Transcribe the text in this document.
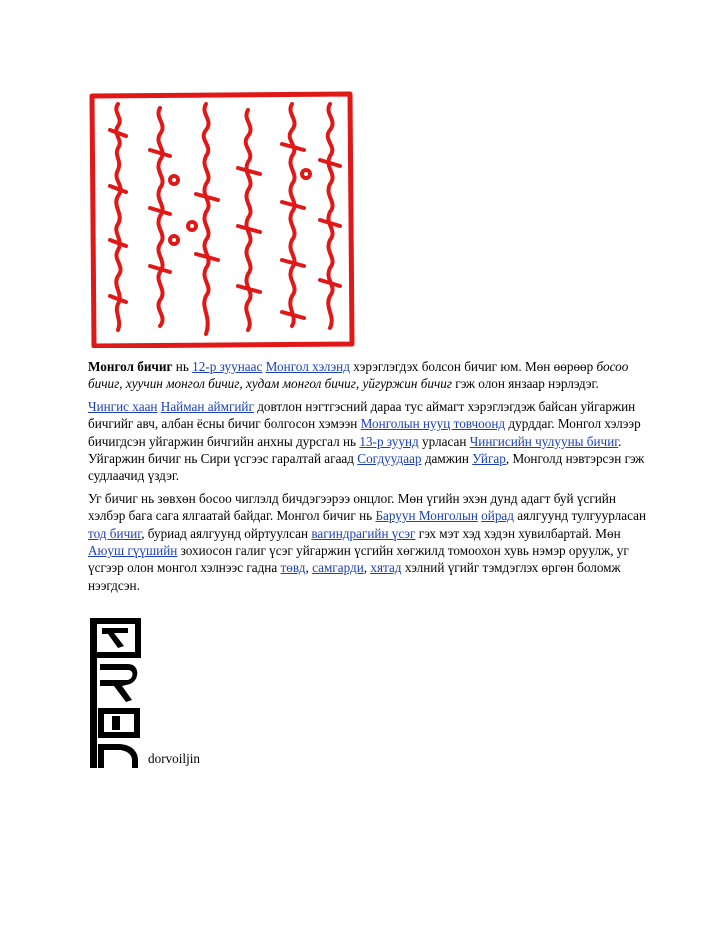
Монгол бичиг нь 12-р зуунаас Монгол хэлэнд хэрэглэгдэх болсон бичиг юм. Мөн өөрөөр босоо бичиг, хуучин монгол бичиг, худам монгол бичиг, уйгуржин бичиг гэж олон янзаар нэрлэдэг.

Чингис хаан Найман аймгийг довтлон нэгтгэсний дараа тус аймагт хэрэглэгдэж байсан уйгаржин бичгийг авч, албан ёсны бичиг болгосон хэмээн Монголын нууц товчоонд дурддаг. Монгол хэлээр бичигдсэн уйгаржин бичгийн анхны дурсгал нь 13-р зуунд урласан Чингисийн чулууны бичиг. Уйгаржин бичиг нь Сири үсгээс гаралтай агаад Согдуудаар дамжин Уйгар, Монголд нэвтэрсэн гэж судлаачид үздэг.

Уг бичиг нь зөвхөн босоо чиглэлд бичдэгээрээ онцлог. Мөн үгийн эхэн дунд адагт буй үсгийн хэлбэр бага сага ялгаатай байдаг. Монгол бичиг нь Баруун Монголын ойрад аялгуунд тулгуурласан тод бичиг, буриад аялгуунд ойртуулсан вагиндрагийн үсэг гэх мэт хэд хэдэн хувилбартай. Мөн Аюуш гүүшийн зохиосон галиг үсэг уйгаржин үсгийн хөгжилд томоохон хувь нэмэр оруулж, уг үсгээр олон монгол хэлнээс гадна төвд, самгарди, хятад хэлний үгийг тэмдэглэх өргөн боломж нээгдсэн.

dorvoiljin
